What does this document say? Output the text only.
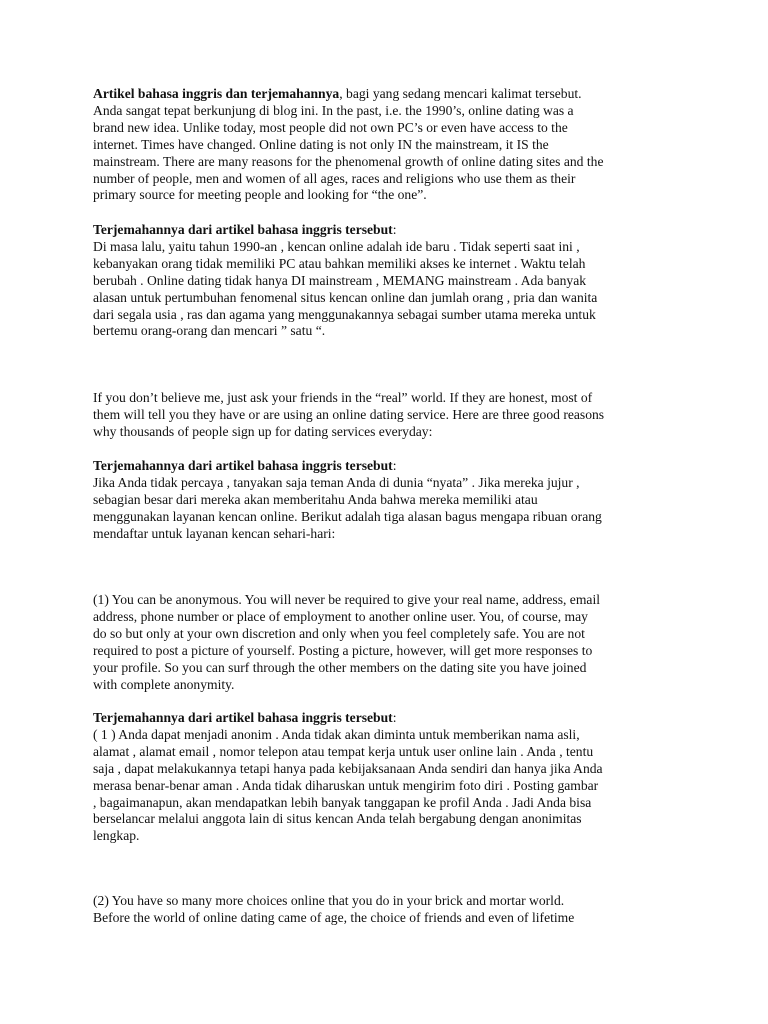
Artikel bahasa inggris dan terjemahannya, bagi yang sedang mencari kalimat tersebut.
Anda sangat tepat berkunjung di blog ini. In the past, i.e. the 1990’s, online dating was a
brand new idea. Unlike today, most people did not own PC’s or even have access to the
internet. Times have changed. Online dating is not only IN the mainstream, it IS the
mainstream. There are many reasons for the phenomenal growth of online dating sites and the
number of people, men and women of all ages, races and religions who use them as their
primary source for meeting people and looking for “the one”.
Terjemahannya dari artikel bahasa inggris tersebut:
Di masa lalu, yaitu tahun 1990-an , kencan online adalah ide baru . Tidak seperti saat ini ,
kebanyakan orang tidak memiliki PC atau bahkan memiliki akses ke internet . Waktu telah
berubah . Online dating tidak hanya DI mainstream , MEMANG mainstream . Ada banyak
alasan untuk pertumbuhan fenomenal situs kencan online dan jumlah orang , pria dan wanita
dari segala usia , ras dan agama yang menggunakannya sebagai sumber utama mereka untuk
bertemu orang-orang dan mencari ” satu “.
If you don’t believe me, just ask your friends in the “real” world. If they are honest, most of
them will tell you they have or are using an online dating service. Here are three good reasons
why thousands of people sign up for dating services everyday:
Terjemahannya dari artikel bahasa inggris tersebut:
Jika Anda tidak percaya , tanyakan saja teman Anda di dunia “nyata” . Jika mereka jujur ,
sebagian besar dari mereka akan memberitahu Anda bahwa mereka memiliki atau
menggunakan layanan kencan online. Berikut adalah tiga alasan bagus mengapa ribuan orang
mendaftar untuk layanan kencan sehari-hari:
(1) You can be anonymous. You will never be required to give your real name, address, email
address, phone number or place of employment to another online user. You, of course, may
do so but only at your own discretion and only when you feel completely safe. You are not
required to post a picture of yourself. Posting a picture, however, will get more responses to
your profile. So you can surf through the other members on the dating site you have joined
with complete anonymity.
Terjemahannya dari artikel bahasa inggris tersebut:
( 1 ) Anda dapat menjadi anonim . Anda tidak akan diminta untuk memberikan nama asli,
alamat , alamat email , nomor telepon atau tempat kerja untuk user online lain . Anda , tentu
saja , dapat melakukannya tetapi hanya pada kebijaksanaan Anda sendiri dan hanya jika Anda
merasa benar-benar aman . Anda tidak diharuskan untuk mengirim foto diri . Posting gambar
, bagaimanapun, akan mendapatkan lebih banyak tanggapan ke profil Anda . Jadi Anda bisa
berselancar melalui anggota lain di situs kencan Anda telah bergabung dengan anonimitas
lengkap.
(2) You have so many more choices online that you do in your brick and mortar world.
Before the world of online dating came of age, the choice of friends and even of lifetime
